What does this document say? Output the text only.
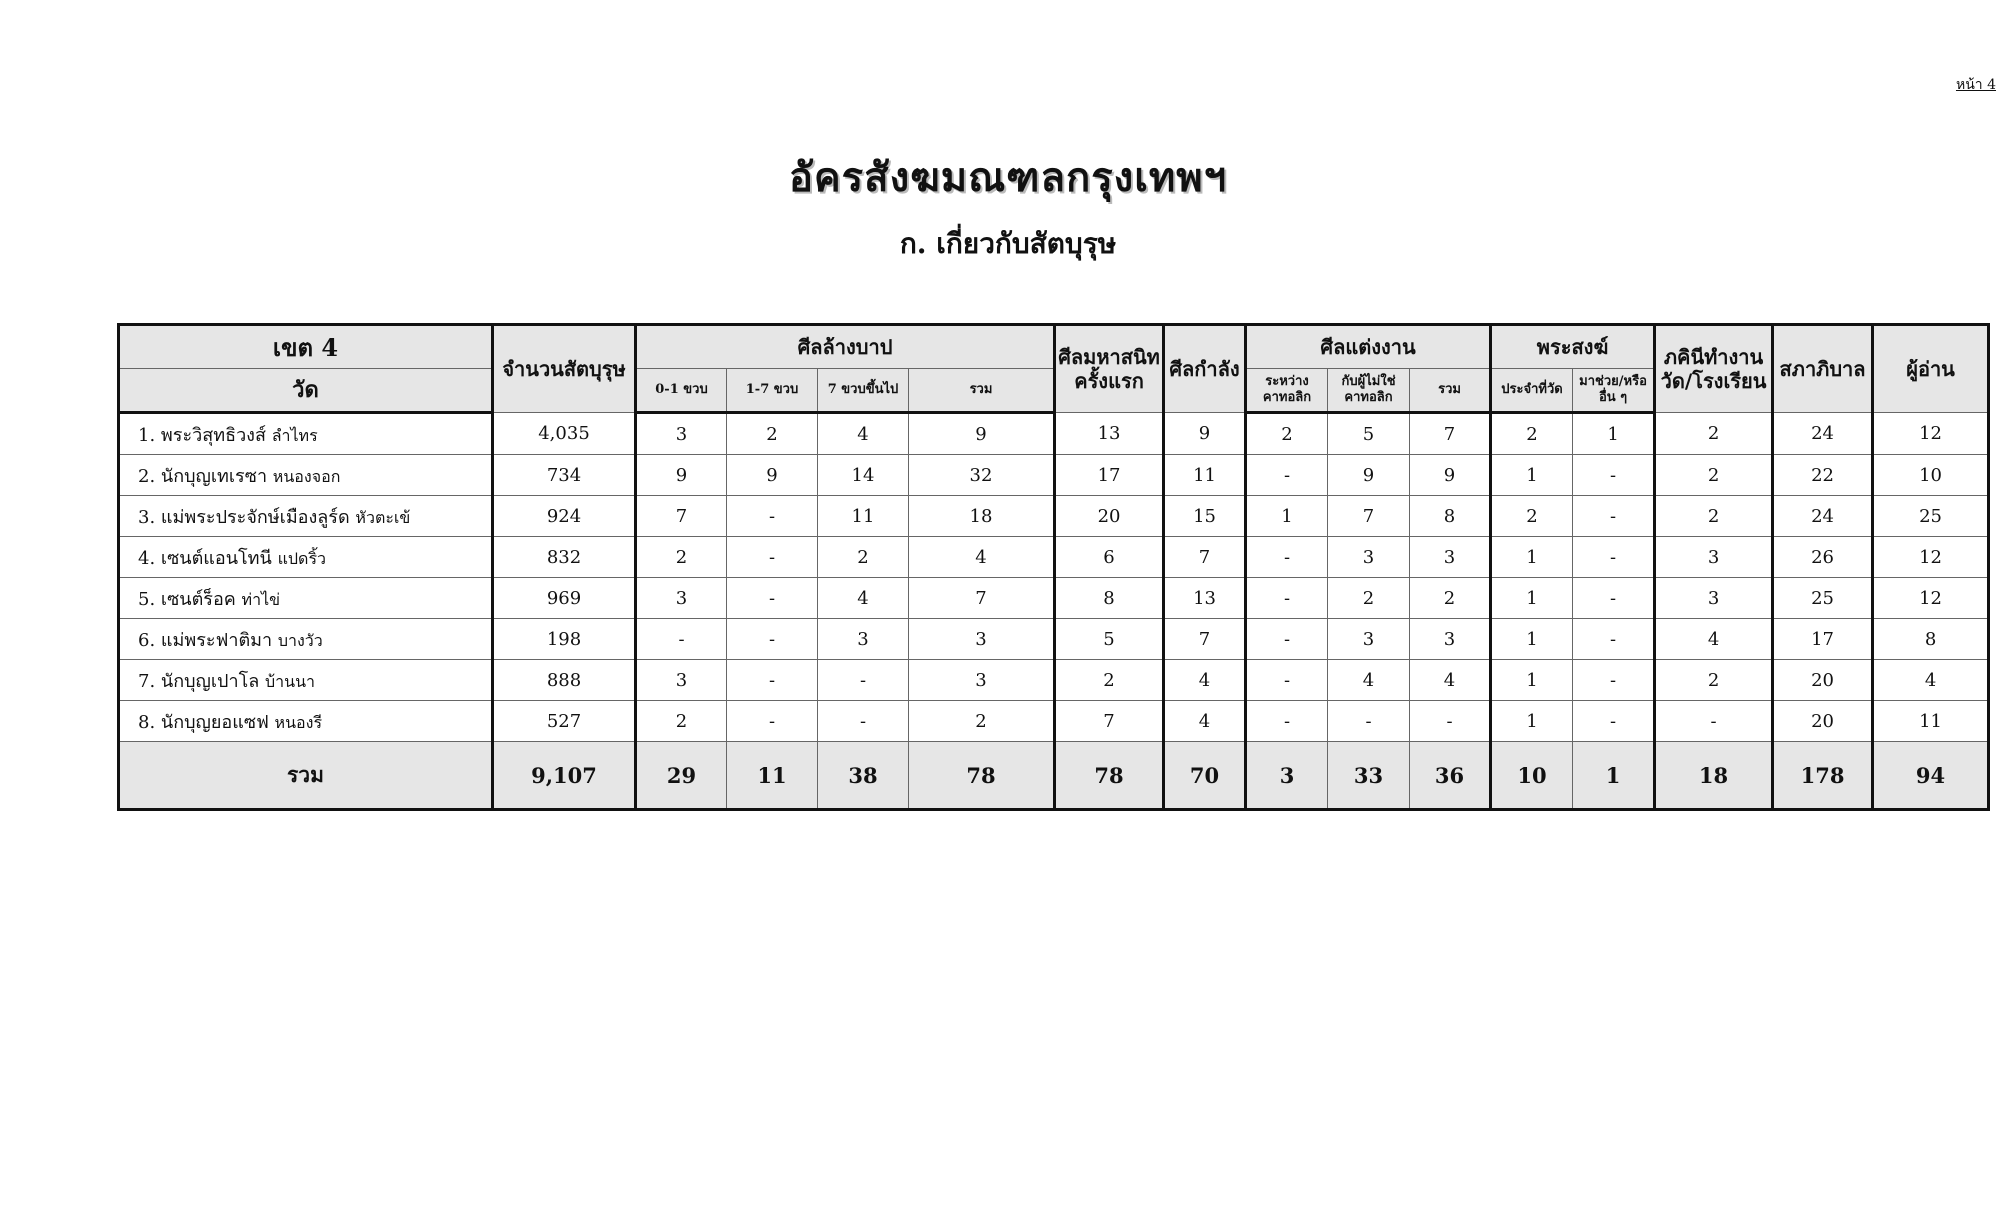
หน้า 4
อัครสังฆมณฑลกรุงเทพฯ
ก. เกี่ยวกับสัตบุรุษ
เขต 4	จำนวนสัตบุรุษ	ศีลล้างบาป				ศีลมหาสนิทครั้งแรก	ศีลกำลัง	ศีลแต่งงาน			พระสงฆ์		ภคินีทำงานวัด/โรงเรียน	สภาภิบาล	ผู้อ่าน
วัด		0-1 ขวบ	1-7 ขวบ	7 ขวบขึ้นไป	รวม			ระหว่างคาทอลิก	กับผู้ไม่ใช่คาทอลิก	รวม	ประจำที่วัด	มาช่วย/หรืออื่น ๆ			
1. พระวิสุทธิวงส์ ลำไทร	4,035	3	2	4	9	13	9	2	5	7	2	1	2	24	12
2. นักบุญเทเรซา หนองจอก	734	9	9	14	32	17	11	-	9	9	1	-	2	22	10
3. แม่พระประจักษ์เมืองลูร์ด หัวตะเข้	924	7	-	11	18	20	15	1	7	8	2	-	2	24	25
4. เซนต์แอนโทนี แปดริ้ว	832	2	-	2	4	6	7	-	3	3	1	-	3	26	12
5. เซนต์ร็อค ท่าไข่	969	3	-	4	7	8	13	-	2	2	1	-	3	25	12
6. แม่พระฟาติมา บางวัว	198	-	-	3	3	5	7	-	3	3	1	-	4	17	8
7. นักบุญเปาโล บ้านนา	888	3	-	-	3	2	4	-	4	4	1	-	2	20	4
8. นักบุญยอแซฟ หนองรี	527	2	-	-	2	7	4	-	-	-	1	-	-	20	11
รวม	9,107	29	11	38	78	78	70	3	33	36	10	1	18	178	94
